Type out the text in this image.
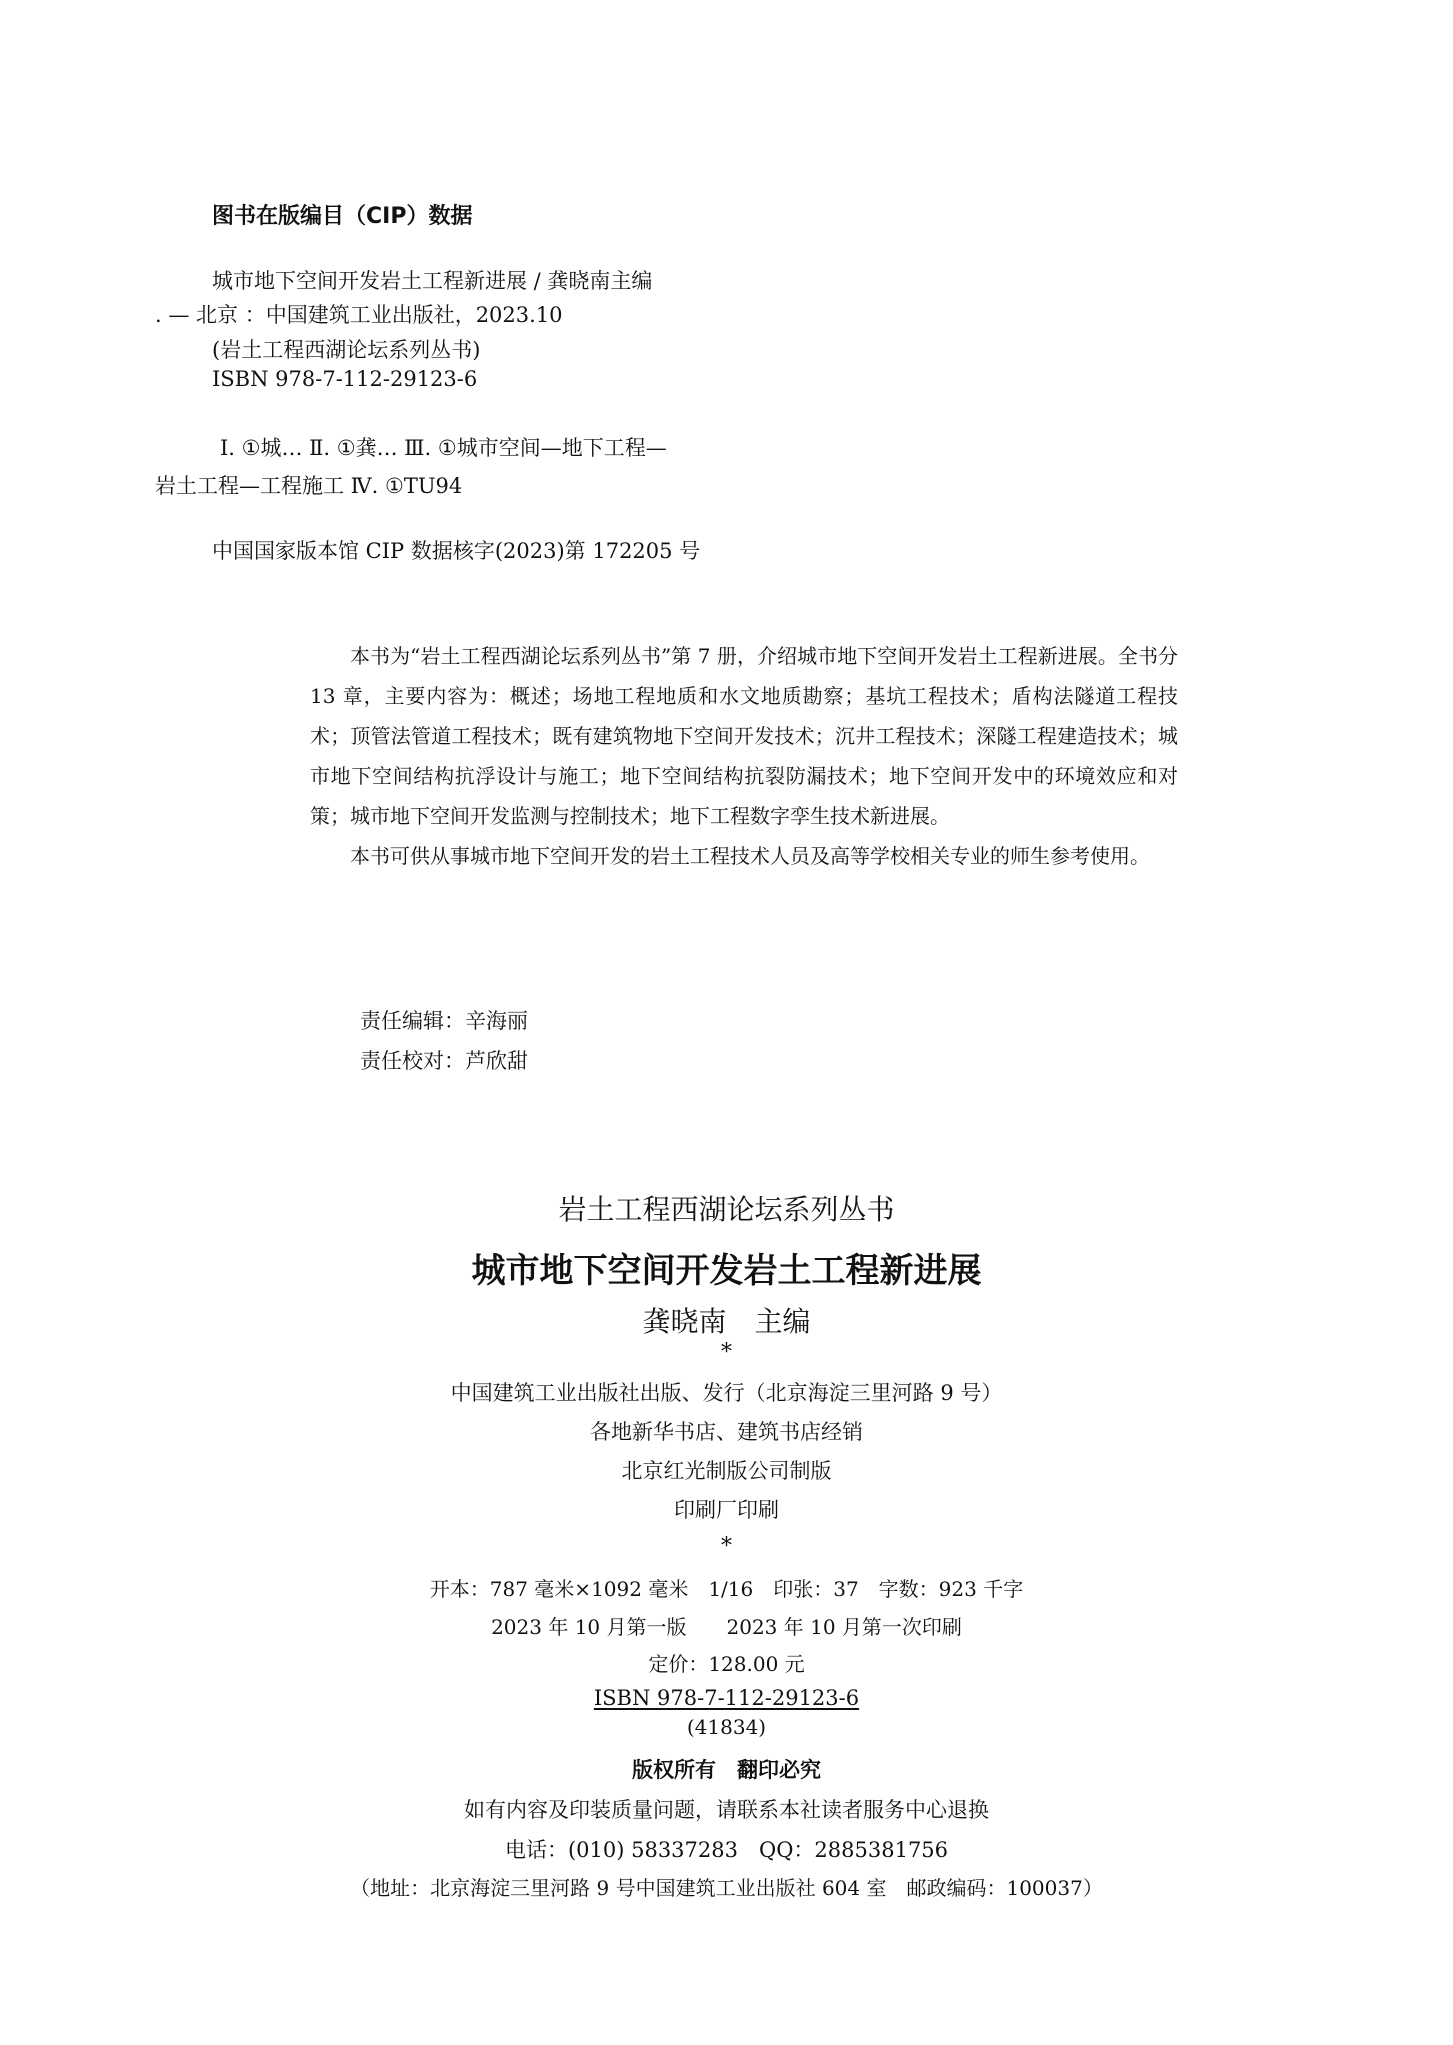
图书在版编目（CIP）数据
城市地下空间开发岩土工程新进展 / 龚晓南主编
. — 北京 ：中国建筑工业出版社，2023.10
(岩土工程西湖论坛系列丛书)
ISBN 978-7-112-29123-6
Ⅰ. ①城… Ⅱ. ①龚… Ⅲ. ①城市空间—地下工程—
岩土工程—工程施工 Ⅳ. ①TU94
中国国家版本馆 CIP 数据核字(2023)第 172205 号

本书为“岩土工程西湖论坛系列丛书”第 7 册，介绍城市地下空间开发岩土工程新进展。全书分 13 章，主要内容为：概述；场地工程地质和水文地质勘察；基坑工程技术；盾构法隧道工程技术；顶管法管道工程技术；既有建筑物地下空间开发技术；沉井工程技术；深隧工程建造技术；城市地下空间结构抗浮设计与施工；地下空间结构抗裂防漏技术；地下空间开发中的环境效应和对策；城市地下空间开发监测与控制技术；地下工程数字孪生技术新进展。

本书可供从事城市地下空间开发的岩土工程技术人员及高等学校相关专业的师生参考使用。

责任编辑：辛海丽
责任校对：芦欣甜
岩土工程西湖论坛系列丛书
城市地下空间开发岩土工程新进展
龚晓南　主编
*
中国建筑工业出版社出版、发行（北京海淀三里河路 9 号）
各地新华书店、建筑书店经销
北京红光制版公司制版
印刷厂印刷
*
开本：787 毫米×1092 毫米　1/16　印张：37　字数：923 千字
2023 年 10 月第一版　　2023 年 10 月第一次印刷
定价：128.00 元
ISBN 978-7-112-29123-6
(41834)
版权所有　翻印必究
如有内容及印装质量问题，请联系本社读者服务中心退换
电话：(010) 58337283　QQ：2885381756
（地址：北京海淀三里河路 9 号中国建筑工业出版社 604 室　邮政编码：100037）
